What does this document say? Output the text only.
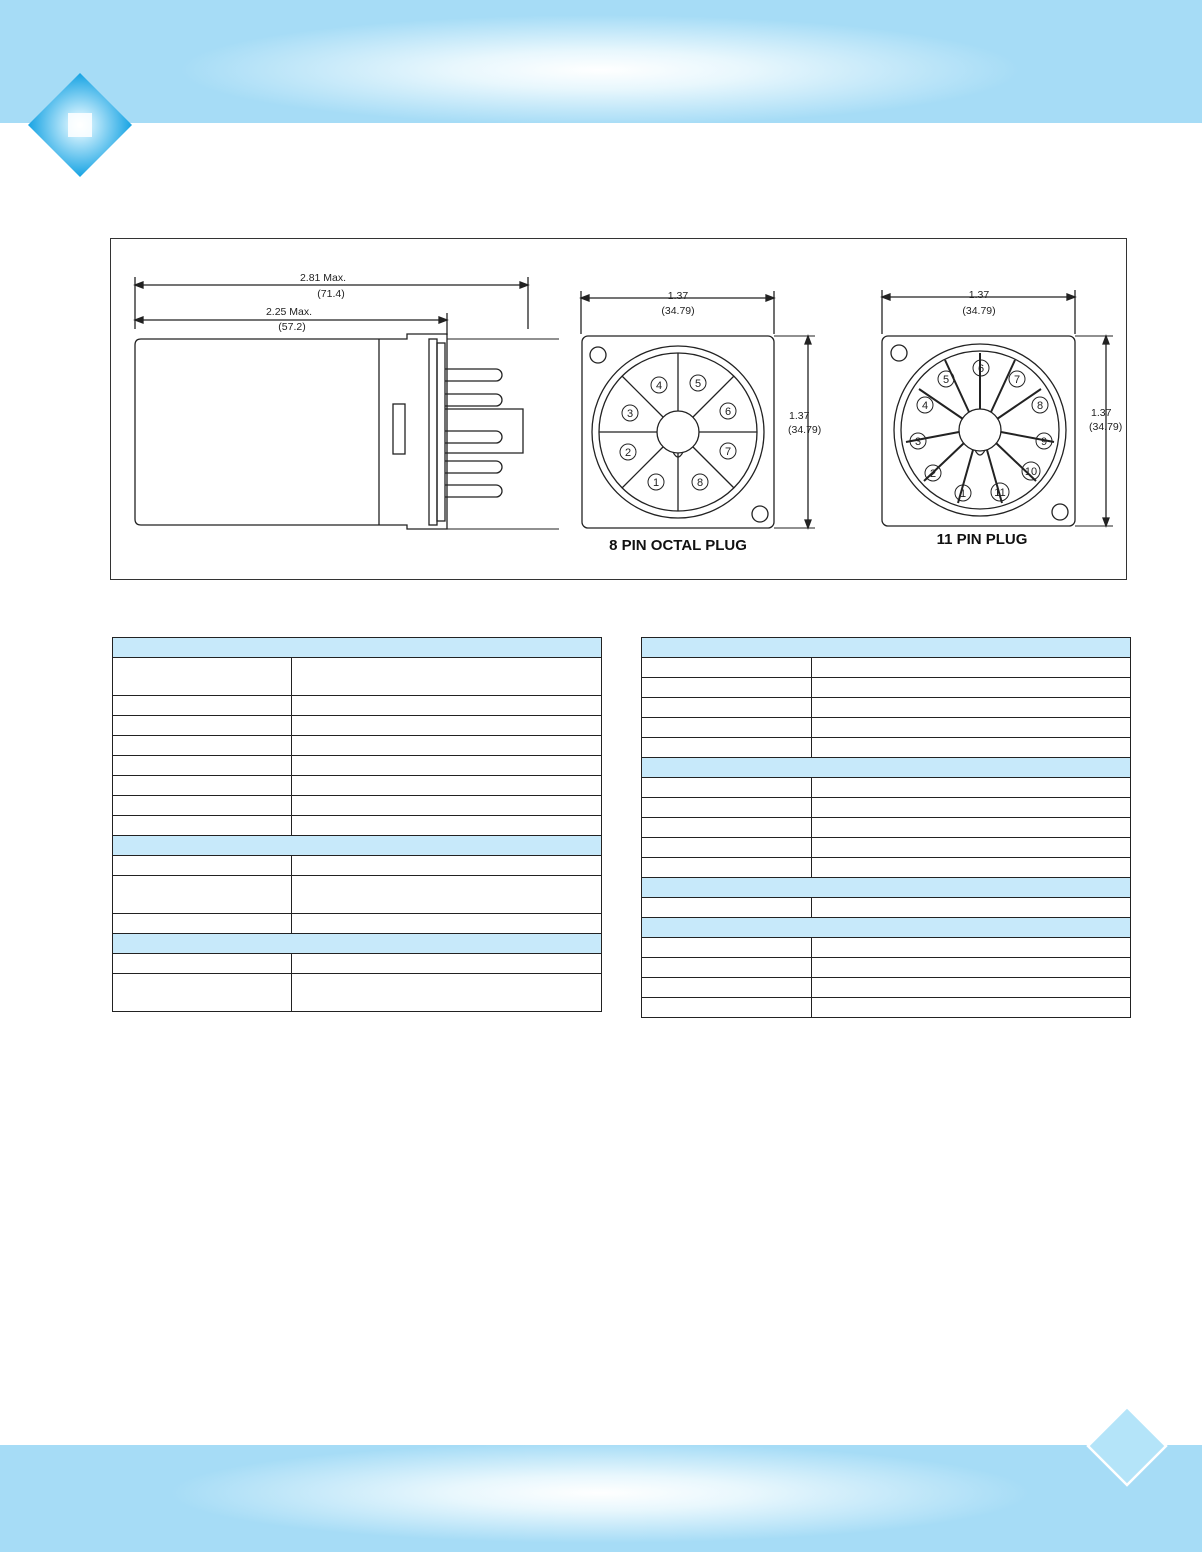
2.81 Max.
(71.4)
2.25 Max.
(57.2)
1
2
3
4	5
6
7
8
1.37
(34.79)
1.37
(34.79)
8 PIN OCTAL PLUG
1
2
3
4
5
6
7
8
9
10
11
1.37
(34.79)
1.37
(34.79)
11 PIN PLUG
